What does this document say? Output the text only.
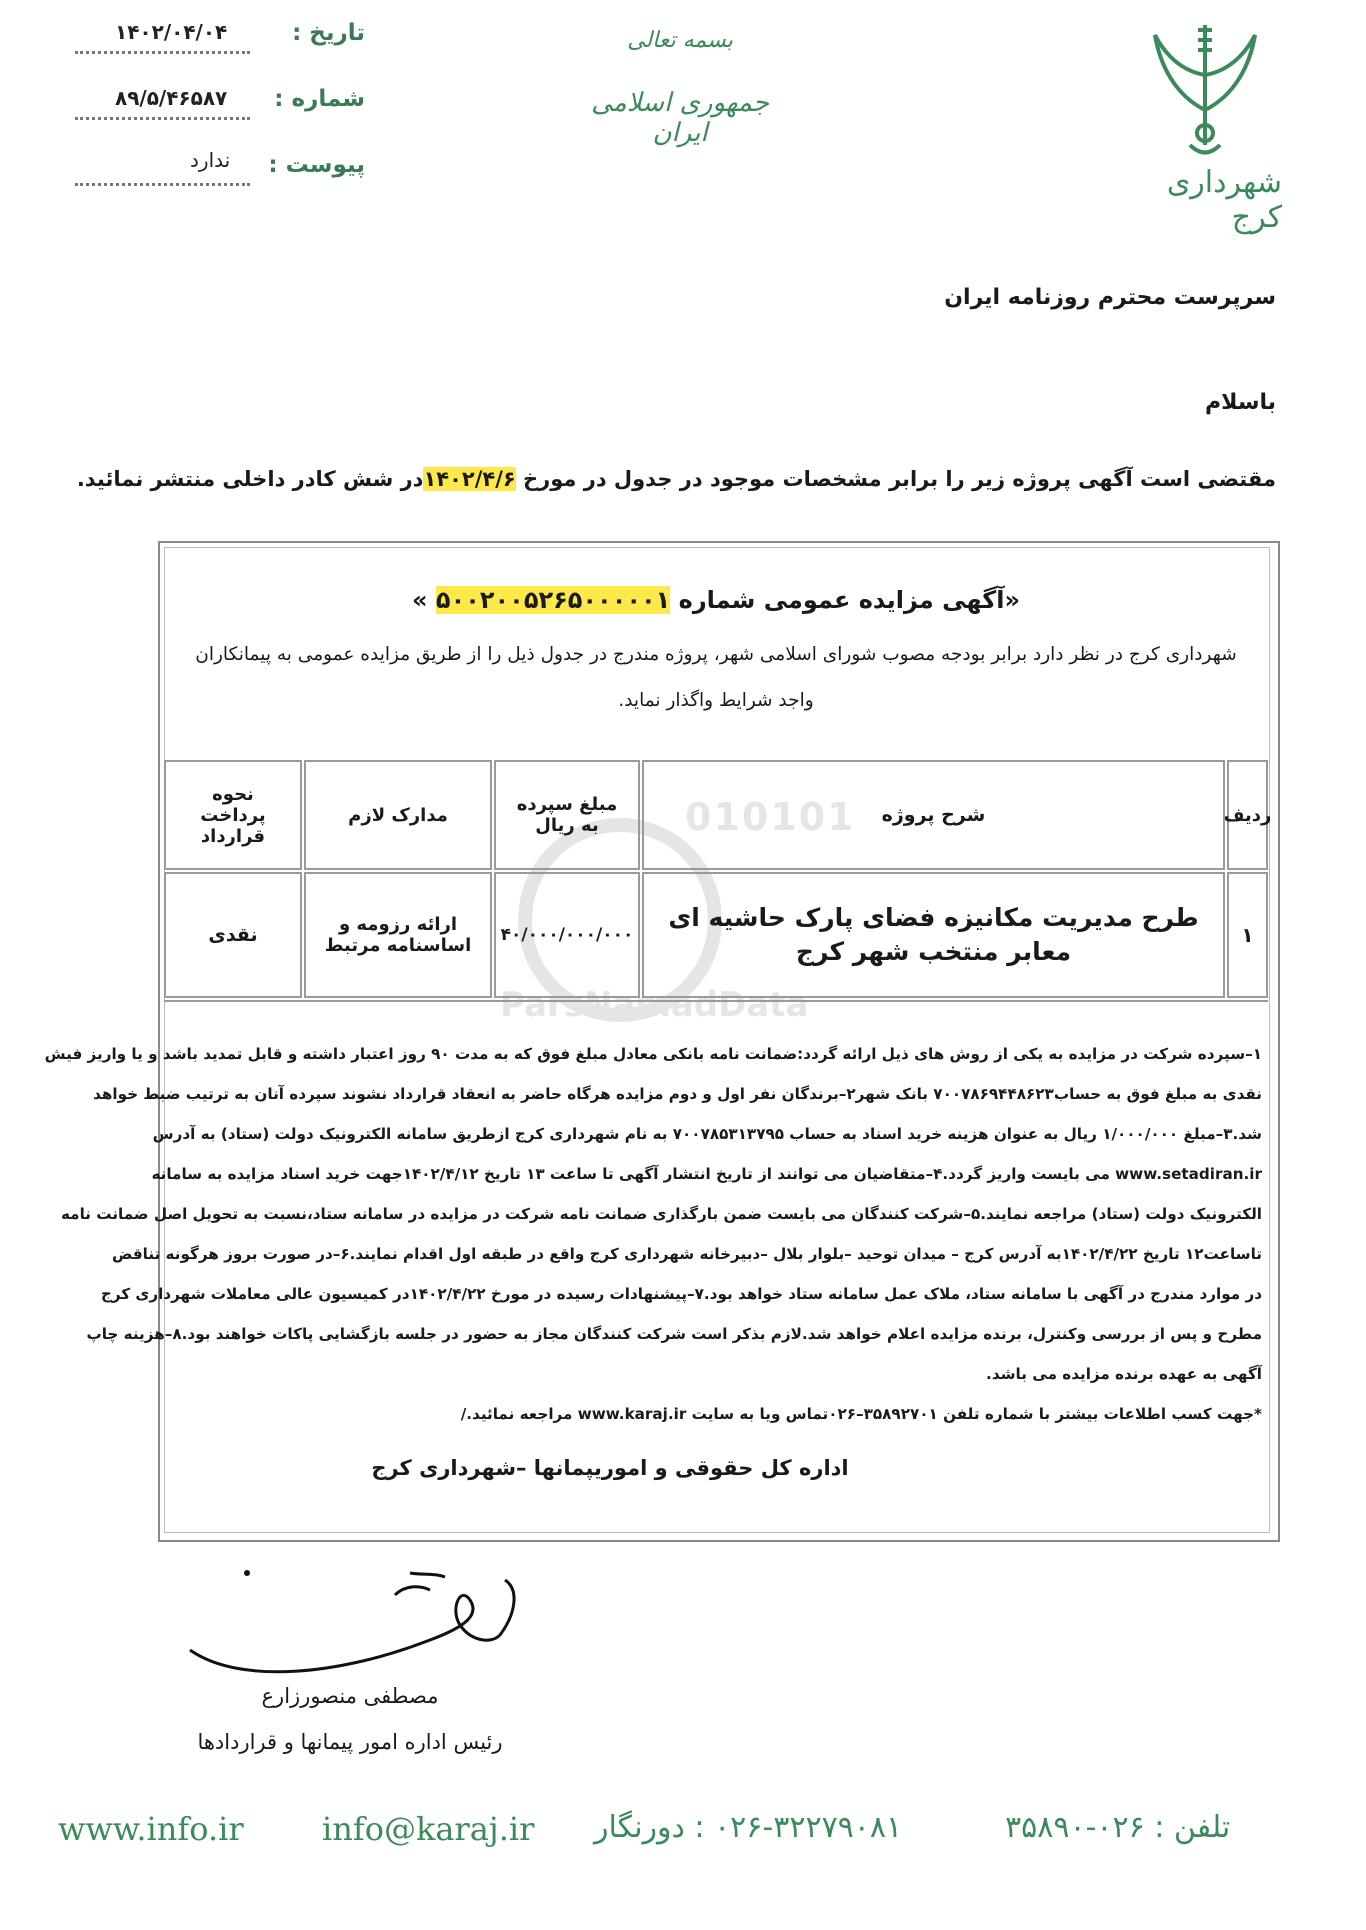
شهرداری کرج
بسمه تعالی
جمهوری اسلامی ایران
تاریخ :
۱۴۰۲/۰۴/۰۴
شماره :
۸۹/۵/۴۶۵۸۷
پیوست :
ندارد
سرپرست محترم روزنامه ایران
باسلام
مقتضی است آگهی پروژه زیر را برابر مشخصات موجود در جدول در مورخ ۱۴۰۲/۴/۶در شش کادر داخلی منتشر نمائید.
010101
ParsNamadData
«آگهی مزایده عمومی شماره ۵۰۰۲۰۰۵۲۶۵۰۰۰۰۰۱ »
شهرداری کرج در نظر دارد برابر بودجه مصوب شورای اسلامی شهر، پروژه مندرج در جدول ذیل را از طریق مزایده عمومی به پیمانکاران
واجد شرایط واگذار نماید.
ردیف
شرح پروژه
مبلغ سپرده به ریال
مدارک لازم
نحوه پرداخت قرارداد
۱
طرح مدیریت مکانیزه فضای پارک حاشیه ای معابر منتخب شهر کرج
۴۰/۰۰۰/۰۰۰/۰۰۰
ارائه رزومه و اساسنامه مرتبط
نقدی
۱–سپرده شرکت در مزایده به یکی از روش های ذیل ارائه گردد:ضمانت نامه بانکی معادل مبلغ فوق که به مدت ۹۰ روز اعتبار داشته و قابل تمدید باشد و یا واریز فیش
نقدی به مبلغ فوق به حساب۷۰۰۷۸۶۹۴۴۸۶۲۳ بانک شهر۲–برندگان نفر اول و دوم مزایده هرگاه حاضر به انعقاد قرارداد نشوند سپرده آنان به ترتیب ضبط خواهد
شد.۳–مبلغ ۱/۰۰۰/۰۰۰ ریال به عنوان هزینه خرید اسناد به حساب ۷۰۰۷۸۵۳۱۳۷۹۵ به نام شهرداری کرج ازطریق سامانه الکترونیک دولت (ستاد) به آدرس
www.setadiran.ir می بایست واریز گردد.۴–متقاضیان می توانند از تاریخ انتشار آگهی تا ساعت ۱۳ تاریخ ۱۴۰۲/۴/۱۲جهت خرید اسناد مزایده به سامانه
الکترونیک دولت (ستاد) مراجعه نمایند.۵–شرکت کنندگان می بایست ضمن بارگذاری ضمانت نامه شرکت در مزایده در سامانه ستاد،نسبت به تحویل اصل ضمانت نامه
تاساعت۱۲ تاریخ ۱۴۰۲/۴/۲۲به آدرس کرج – میدان توحید –بلوار بلال –دبیرخانه شهرداری کرج واقع در طبقه اول اقدام نمایند.۶–در صورت بروز هرگونه تناقض
در موارد مندرج در آگهی با سامانه ستاد، ملاک عمل سامانه ستاد خواهد بود.۷–پیشنهادات رسیده در مورخ ۱۴۰۲/۴/۲۲در کمیسیون عالی معاملات شهرداری کرج
مطرح و پس از بررسی وکنترل، برنده مزایده اعلام خواهد شد.لازم بذکر است شرکت کنندگان مجاز به حضور در جلسه بازگشایی پاکات خواهند بود.۸–هزینه چاپ
آگهی به عهده برنده مزایده می باشد.
*جهت کسب اطلاعات بیشتر با شماره تلفن ۳۵۸۹۲۷۰۱–۰۲۶تماس ویا به سایت www.karaj.ir مراجعه نمائید./
اداره کل حقوقی و اموریپمانها –شهرداری کرج
مصطفی منصورزارع
رئیس اداره امور پیمانها و قراردادها
www.info.ir info@karaj.ir ۰۲۶-۳۲۲۷۹۰۸۱ : دورنگار	تلفن : ۰۲۶-۳۵۸۹۰
